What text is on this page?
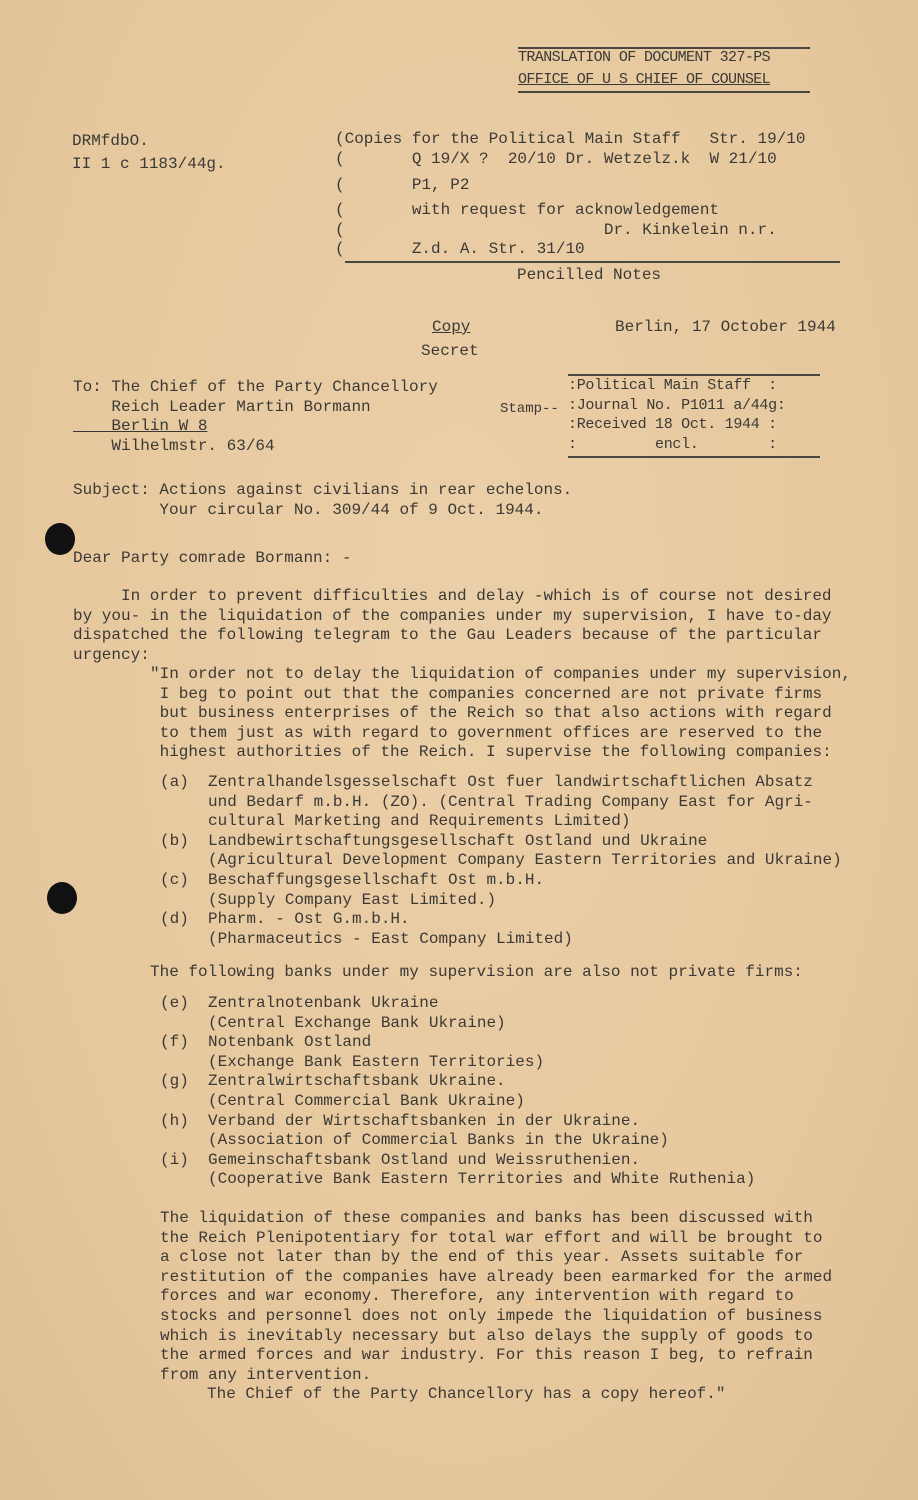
TRANSLATION OF DOCUMENT 327-PS
OFFICE OF U S CHIEF OF COUNSEL
DRMfdbO.
II 1 c 1183/44g.
(Copies for the Political Main Staff   Str. 19/10
(       Q 19/X ?  20/10 Dr. Wetzelz.k  W 21/10
(       P1, P2
(       with request for acknowledgement
(                           Dr. Kinkelein n.r.
(       Z.d. A. Str. 31/10
Pencilled Notes
Copy
Secret
Berlin, 17 October 1944
To: The Chief of the Party Chancellory
Reich Leader Martin Bormann
Berlin W 8
Wilhelmstr. 63/64
Stamp--
:Political Main Staff  :
:Journal No. P1011 a/44g:
:Received 18 Oct. 1944 :
:         encl.        :
Subject: Actions against civilians in rear echelons.
Your circular No. 309/44 of 9 Oct. 1944.
Dear Party comrade Bormann: -
In order to prevent difficulties and delay -which is of course not desired
by you- in the liquidation of the companies under my supervision, I have to-day
dispatched the following telegram to the Gau Leaders because of the particular
urgency:
"In order not to delay the liquidation of companies under my supervision,
I beg to point out that the companies concerned are not private firms
but business enterprises of the Reich so that also actions with regard
to them just as with regard to government offices are reserved to the
highest authorities of the Reich. I supervise the following companies:
(a) Zentralhandelsgesselschaft Ost fuer landwirtschaftlichen Absatz
und Bedarf m.b.H. (ZO). (Central Trading Company East for Agri-
cultural Marketing and Requirements Limited)
(b) Landbewirtschaftungsgesellschaft Ostland und Ukraine
(Agricultural Development Company Eastern Territories and Ukraine)
(c) Beschaffungsgesellschaft Ost m.b.H.
(Supply Company East Limited.)
(d) Pharm. - Ost G.m.b.H.
(Pharmaceutics - East Company Limited)
The following banks under my supervision are also not private firms:
(e) Zentralnotenbank Ukraine
(Central Exchange Bank Ukraine)
(f) Notenbank Ostland
(Exchange Bank Eastern Territories)
(g) Zentralwirtschaftsbank Ukraine.
(Central Commercial Bank Ukraine)
(h) Verband der Wirtschaftsbanken in der Ukraine.
(Association of Commercial Banks in the Ukraine)
(i) Gemeinschaftsbank Ostland und Weissruthenien.
(Cooperative Bank Eastern Territories and White Ruthenia)
The liquidation of these companies and banks has been discussed with
the Reich Plenipotentiary for total war effort and will be brought to
a close not later than by the end of this year. Assets suitable for
restitution of the companies have already been earmarked for the armed
forces and war economy. Therefore, any intervention with regard to
stocks and personnel does not only impede the liquidation of business
which is inevitably necessary but also delays the supply of goods to
the armed forces and war industry. For this reason I beg, to refrain
from any intervention.
The Chief of the Party Chancellory has a copy hereof."
